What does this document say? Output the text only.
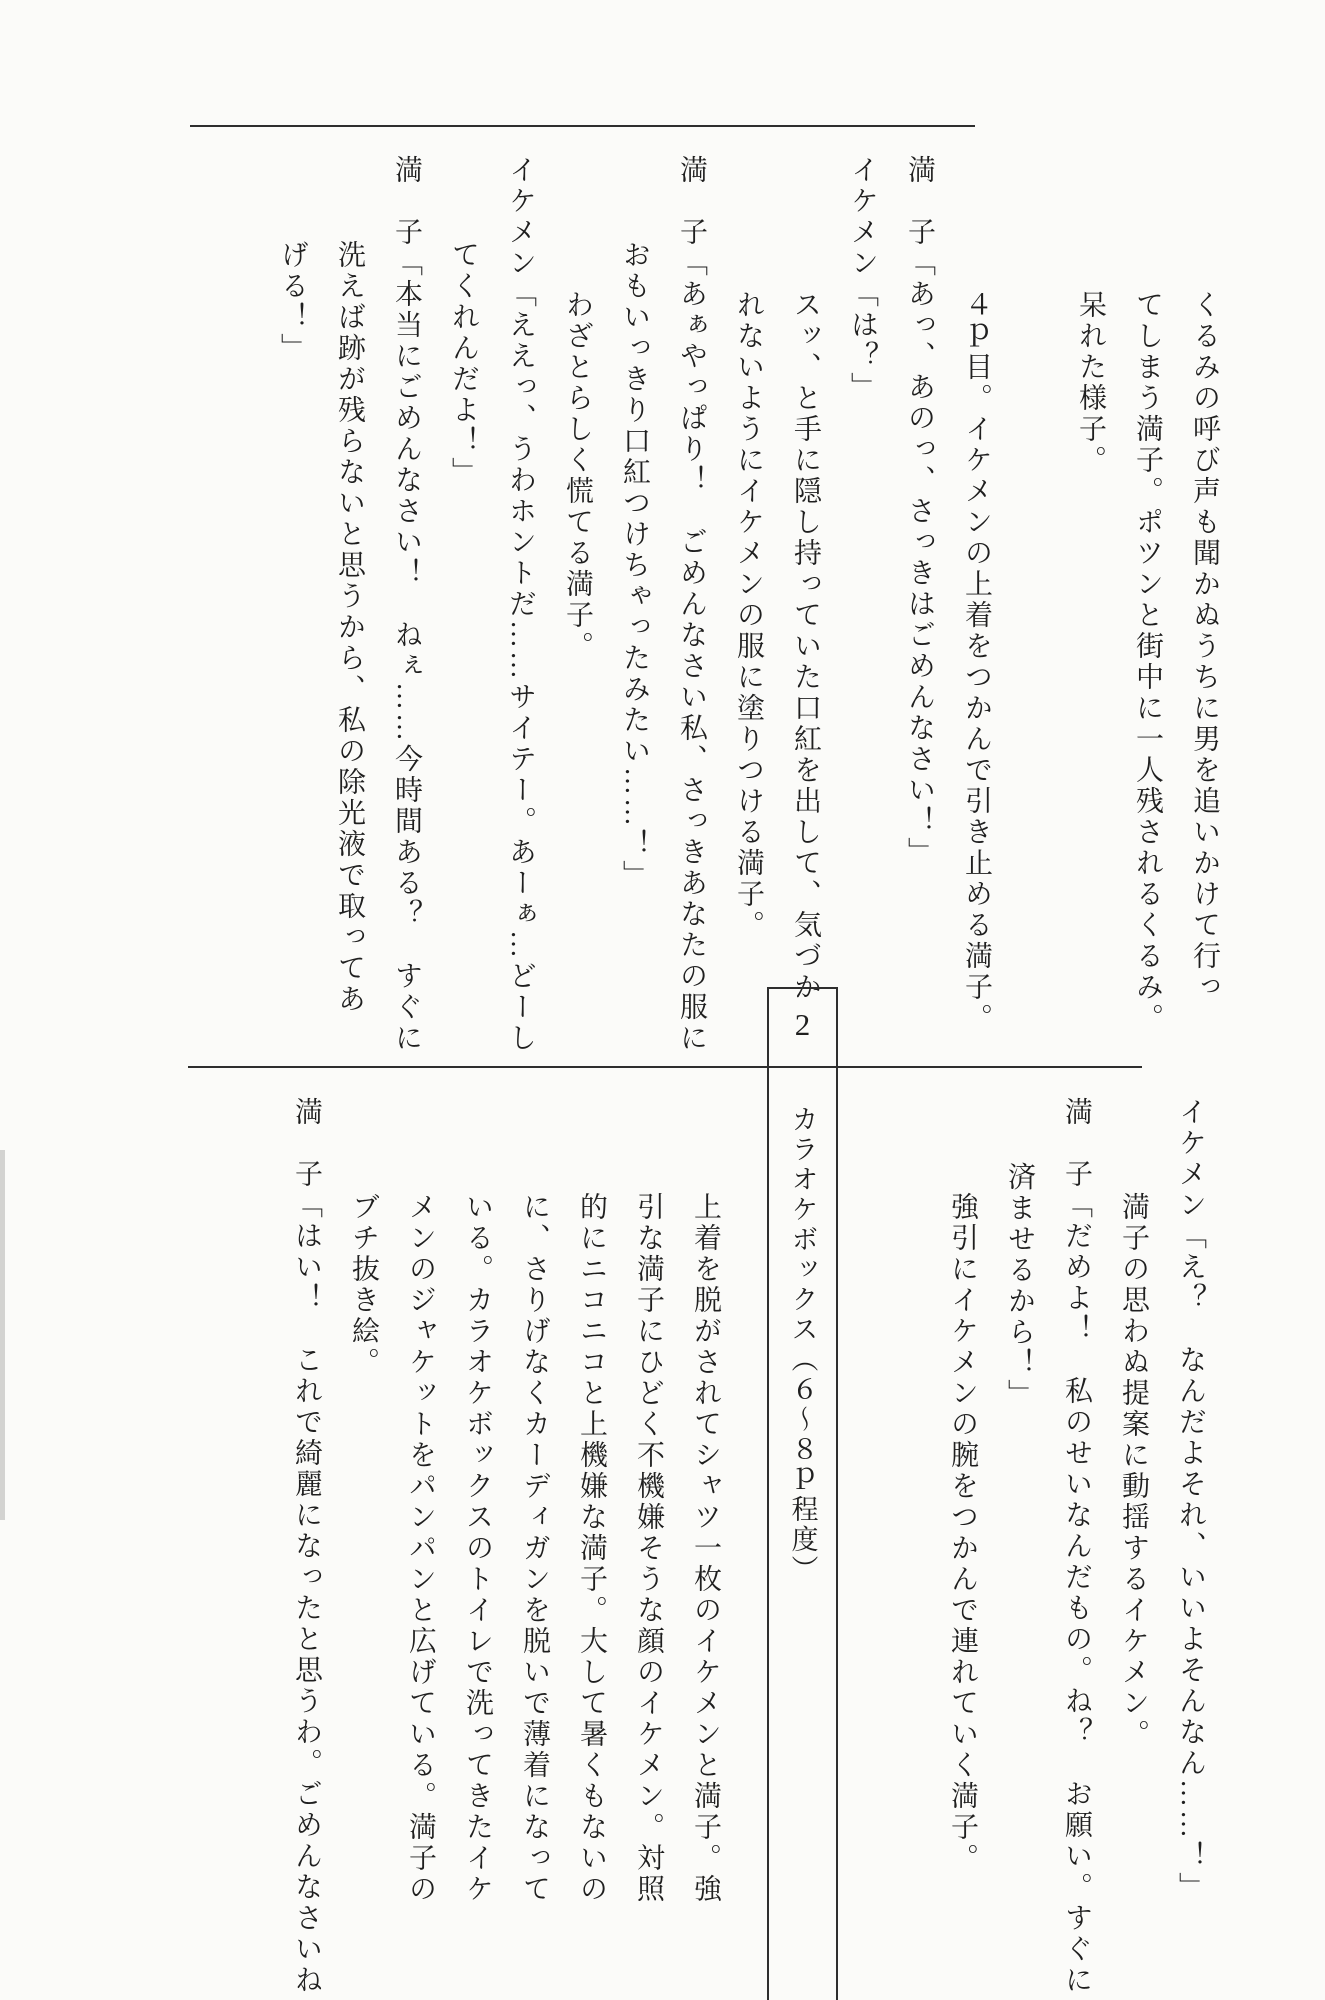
くるみの呼び声も聞かぬうちに男を追いかけて行っ
てしまう満子。ポツンと街中に一人残されるくるみ。
呆れた様子。
４ｐ目。イケメンの上着をつかんで引き止める満子。
満　子「あっ、あのっ、さっきはごめんなさい！」
イケメン「は？」
スッ、と手に隠し持っていた口紅を出して、気づか
れないようにイケメンの服に塗りつける満子。
満　子「あぁやっぱり！　ごめんなさい私、さっきあなたの服に
おもいっきり口紅つけちゃったみたい……！」
わざとらしく慌てる満子。
イケメン「ええっ、うわホントだ……サイテー。あーぁ…どーし
てくれんだよ！」
満　子「本当にごめんなさい！　ねぇ……今時間ある？　すぐに
洗えば跡が残らないと思うから、私の除光液で取ってあ
げる！」
2
カラオケボックス（６～８ｐ程度）	イケメン「え？　なんだよそれ、いいよそんなん……！」
満子の思わぬ提案に動揺するイケメン。
満　子「だめよ！　私のせいなんだもの。ね？　お願い。すぐに
済ませるから！」
強引にイケメンの腕をつかんで連れていく満子。
上着を脱がされてシャツ一枚のイケメンと満子。強
引な満子にひどく不機嫌そうな顔のイケメン。対照
的にニコニコと上機嫌な満子。大して暑くもないの
に、さりげなくカーディガンを脱いで薄着になって
いる。カラオケボックスのトイレで洗ってきたイケ
メンのジャケットをパンパンと広げている。満子の
ブチ抜き絵。
満　子「はい！　これで綺麗になったと思うわ。ごめんなさいね
